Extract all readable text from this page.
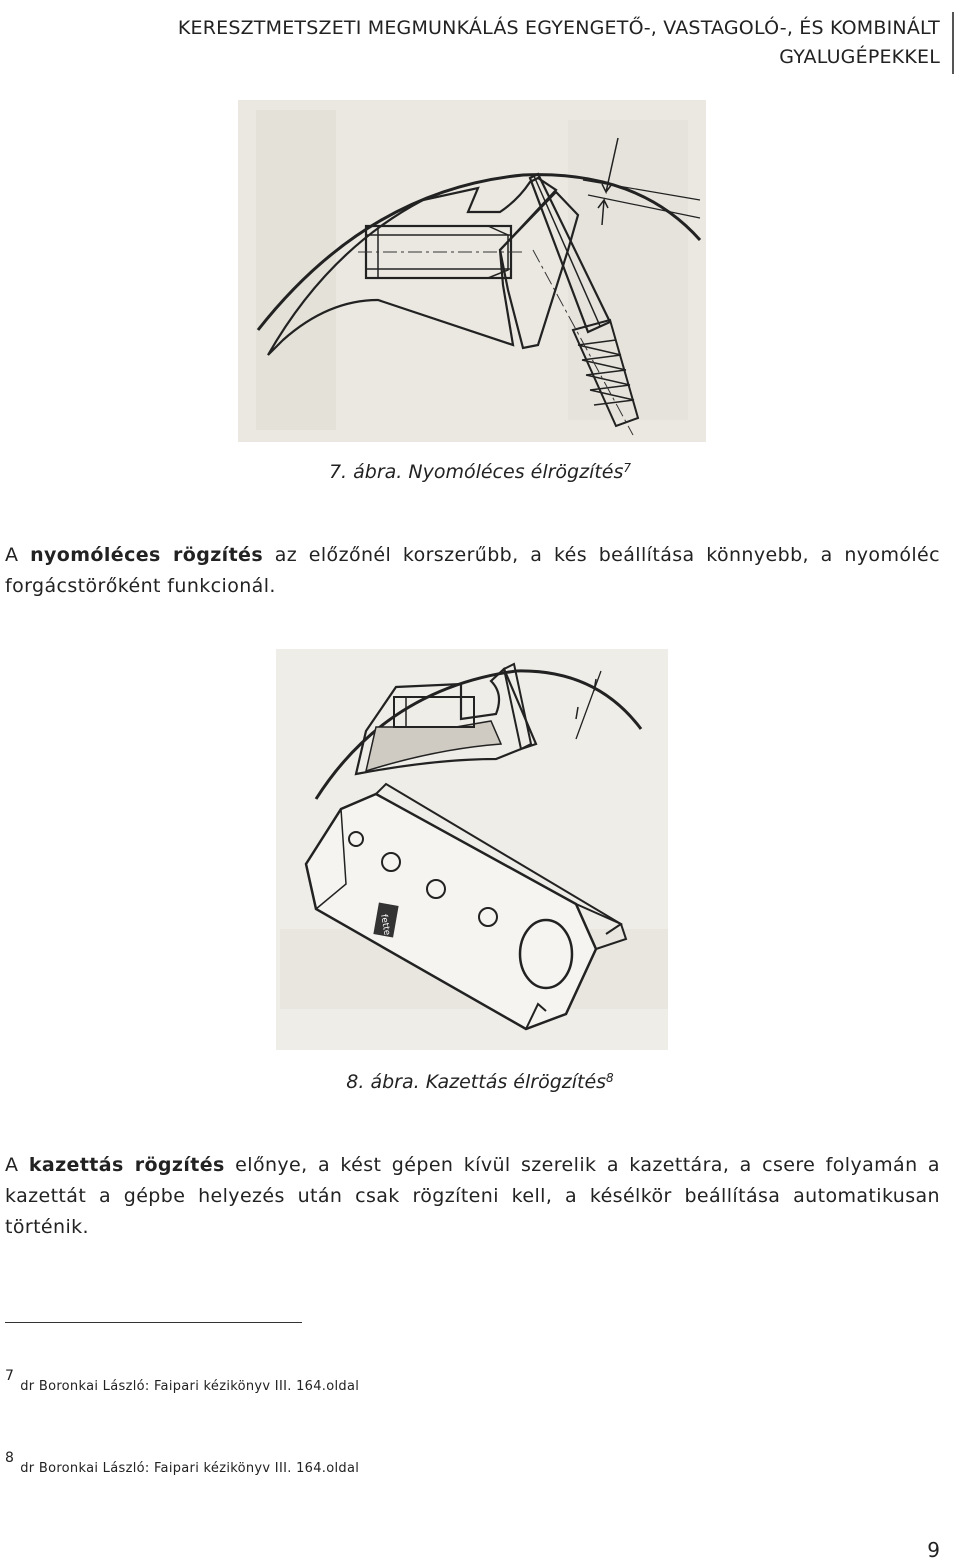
KERESZTMETSZETI MEGMUNKÁLÁS EGYENGETŐ-, VASTAGOLÓ-, ÉS KOMBINÁLT
GYALUGÉPEKKEL
7. ábra. Nyomóléces élrögzítés$^7$
A nyomóléces rögzítés az előzőnél korszerűbb, a kés beállítása könnyebb, a nyomóléc forgácstörőként funkcionál.
fette
8. ábra. Kazettás élrögzítés$^8$
A kazettás rögzítés előnye, a kést gépen kívül szerelik a kazettára, a csere folyamán a kazettát a gépbe helyezés után csak rögzíteni kell, a késélkör beállítása automatikusan történik.
7dr Boronkai László: Faipari kézikönyv III. 164.oldal
8dr Boronkai László: Faipari kézikönyv III. 164.oldal
9
